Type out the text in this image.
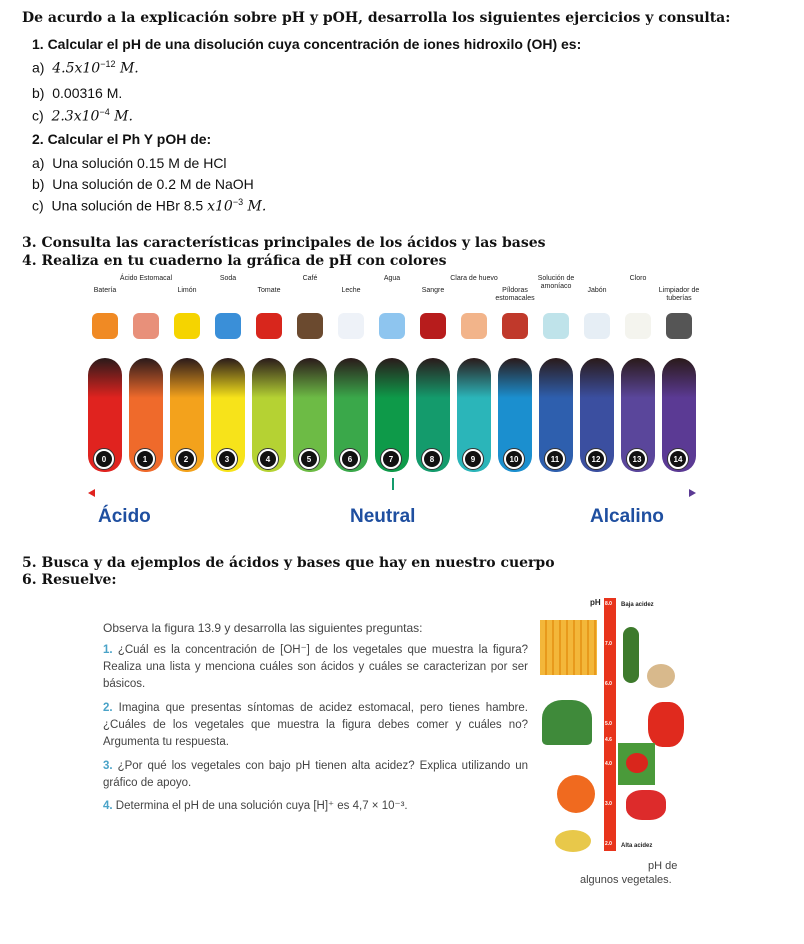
De acurdo a la explicación sobre pH y pOH, desarrolla los siguientes ejercicios y consulta:
1. Calcular el pH de una disolución cuya concentración de iones hidroxilo (OH) es:
a) $4.5x10^{-12}$ M.
b) 0.00316 M.
c) $2.3x10^{-4}$ M.
2. Calcular el Ph Y pOH de:
a) Una solución 0.15 M de HCl
b) Una solución de 0.2 M de NaOH
c) Una solución de HBr 8.5 $x10^{-3}$ M.
3. Consulta las características principales de los ácidos y las bases
4. Realiza en tu cuaderno la gráfica de pH con colores
Ácido	Neutral	Alcalino
Batería
0
Ácido Estomacal
1
Limón
2
Soda
3
Tomate
4
Café
5
Leche
6
Agua
7
Sangre
8
Clara de huevo
9
Píldoras estomacales
10
Solución de amoníaco
11
Jabón
12
Cloro
13
Limpiador de tuberías
14
5. Busca y da ejemplos de ácidos y bases que hay en nuestro cuerpo
6. Resuelve:
Observa la figura 13.9 y desarrolla las siguientes preguntas:
1. ¿Cuál es la concentración de [OH⁻] de los vegetales que muestra la figura? Realiza una lista y menciona cuáles son ácidos y cuáles se caracterizan por ser básicos.
2. Imagina que presentas síntomas de acidez estomacal, pero tienes hambre. ¿Cuáles de los vegetales que muestra la figura debes comer y cuáles no? Argumenta tu respuesta.
3. ¿Por qué los vegetales con bajo pH tienen alta acidez? Explica utilizando un gráfico de apoyo.
4. Determina el pH de una solución cuya [H]⁺ es 4,7 × 10⁻³.
pH 8.0
7.0
6.0
5.0
4.6
4.0
3.0
2.0
Baja acidez
Alta acidez
pH de
algunos vegetales.
